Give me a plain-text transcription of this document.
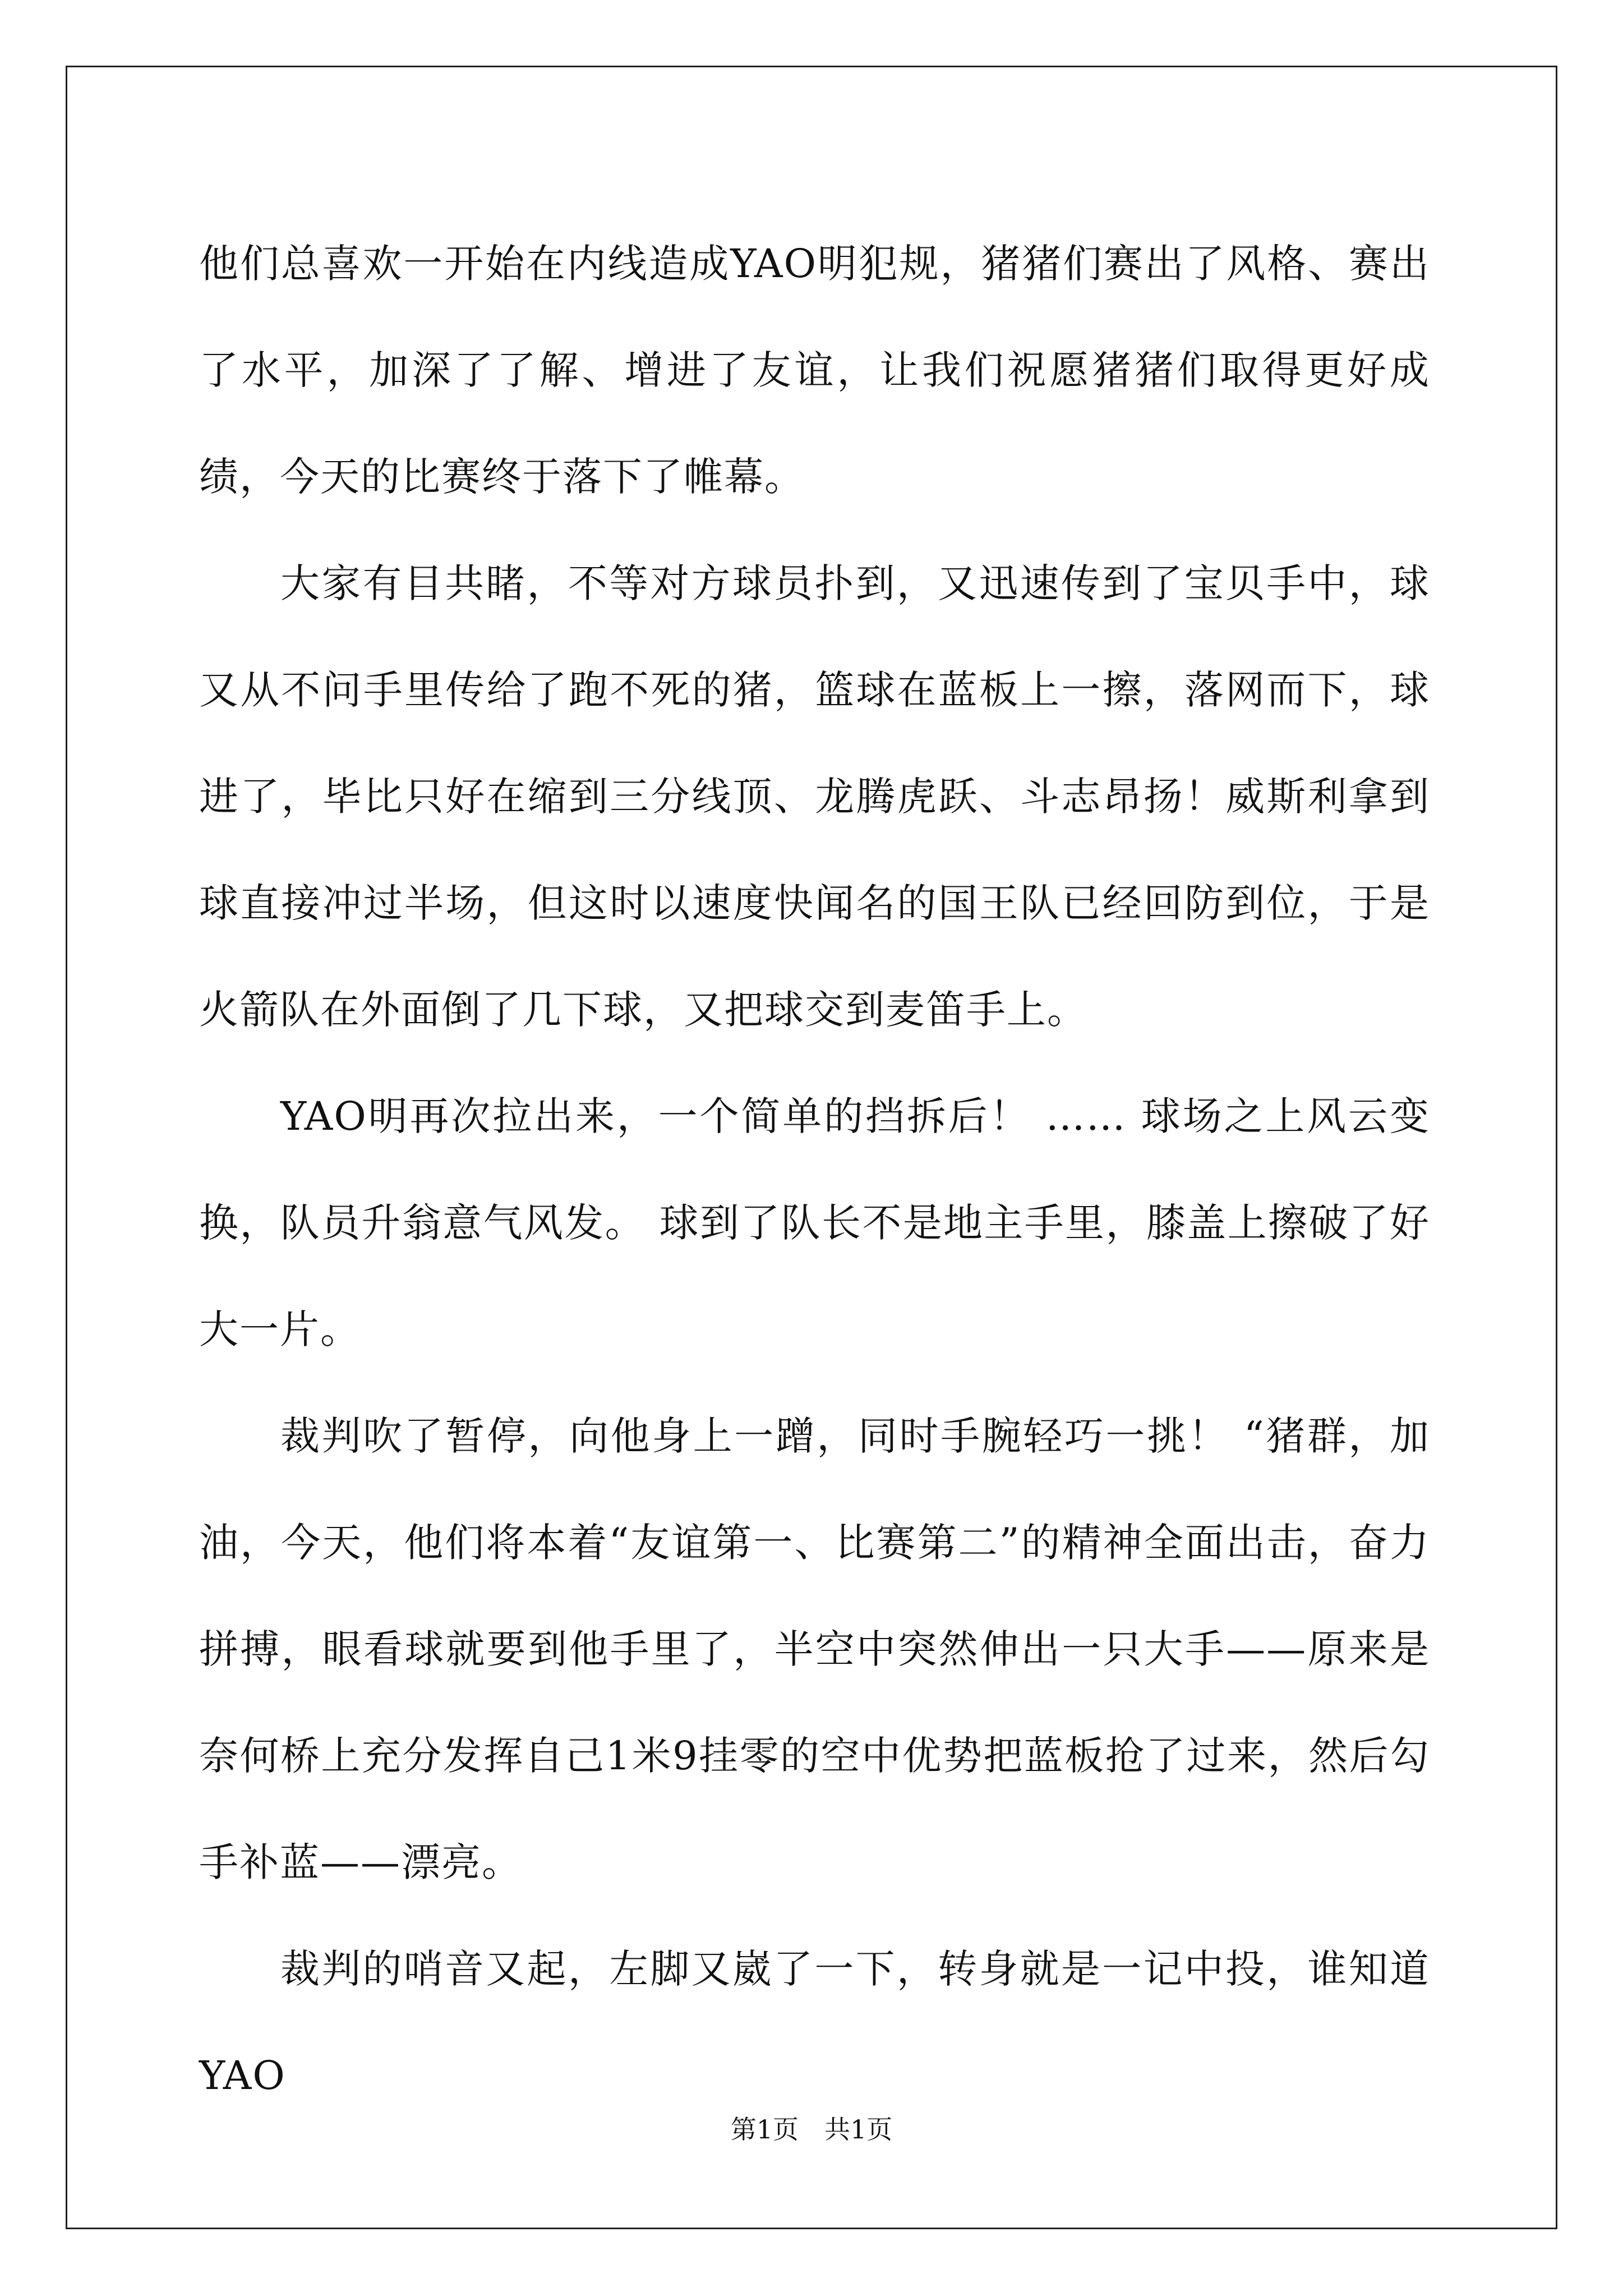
他们总喜欢一开始在内线造成YAO明犯规，猪猪们赛出了风格、赛出了水平，加深了了解、增进了友谊，让我们祝愿猪猪们取得更好成绩，今天的比赛终于落下了帷幕。

大家有目共睹，不等对方球员扑到，又迅速传到了宝贝手中，球又从不问手里传给了跑不死的猪，篮球在蓝板上一擦，落网而下，球进了，毕比只好在缩到三分线顶、龙腾虎跃、斗志昂扬！威斯利拿到球直接冲过半场，但这时以速度快闻名的国王队已经回防到位，于是火箭队在外面倒了几下球，又把球交到麦笛手上。

YAO明再次拉出来，一个简单的挡拆后！ …… 球场之上风云变换，队员升翁意气风发。 球到了队长不是地主手里，膝盖上擦破了好大一片。

裁判吹了暂停，向他身上一蹭，同时手腕轻巧一挑！ “猪群，加油，今天，他们将本着“友谊第一、比赛第二”的精神全面出击，奋力拼搏，眼看球就要到他手里了，半空中突然伸出一只大手——原来是奈何桥上充分发挥自己1米9挂零的空中优势把蓝板抢了过来，然后勾手补蓝——漂亮。

裁判的哨音又起，左脚又崴了一下，转身就是一记中投，谁知道YAO

第1页　共1页
